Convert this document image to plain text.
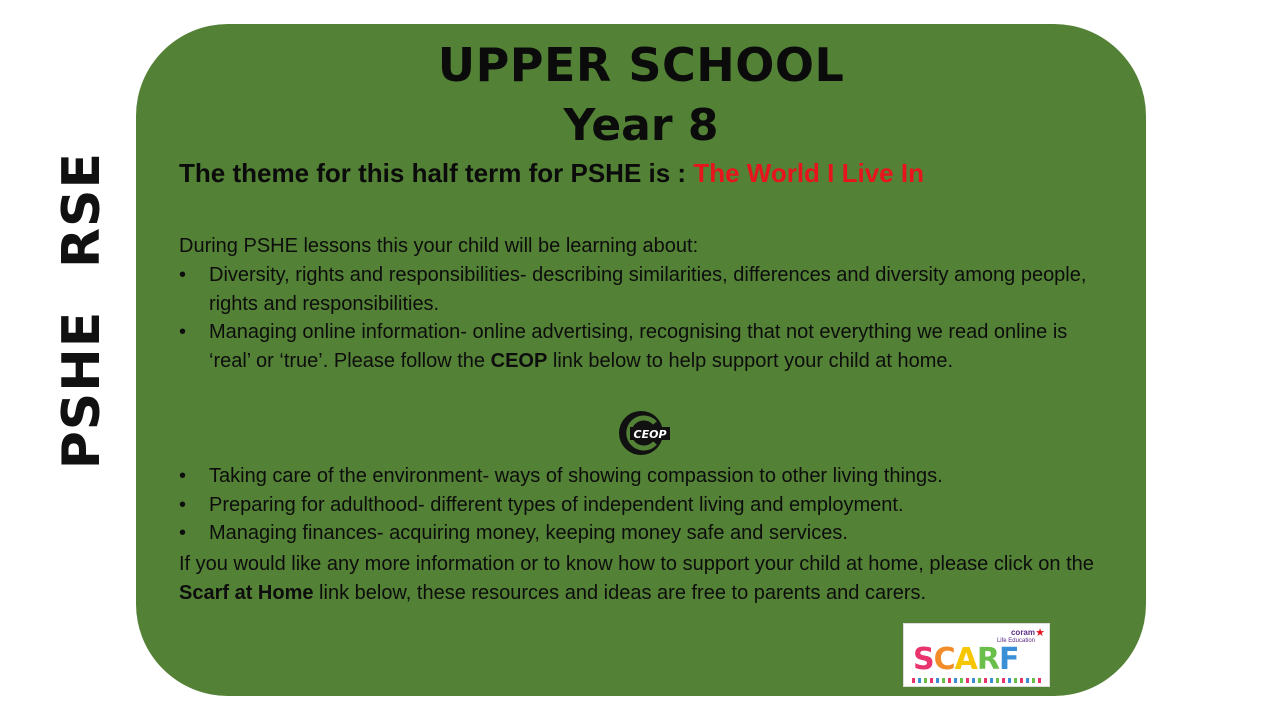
RSE
PSHE
UPPER SCHOOL
Year 8
The theme for this half term for PSHE is : The World I Live In
During PSHE lessons this your child will be learning about:
• Diversity, rights and responsibilities- describing similarities, differences and diversity among people, rights and responsibilities.
• Managing online information- online advertising, recognising that not everything we read online is ‘real’ or ‘true’. Please follow the CEOP link below to help support your child at home.
CEOP
• Taking care of the environment- ways of showing compassion to other living things.
• Preparing for adulthood- different types of independent living and employment.
• Managing finances- acquiring money, keeping money safe and services.
If you would like any more information or to know how to support your child at home, please click on the Scarf at Home link below, these resources and ideas are free to parents and carers.
coram
Life Education
★
SCARF
